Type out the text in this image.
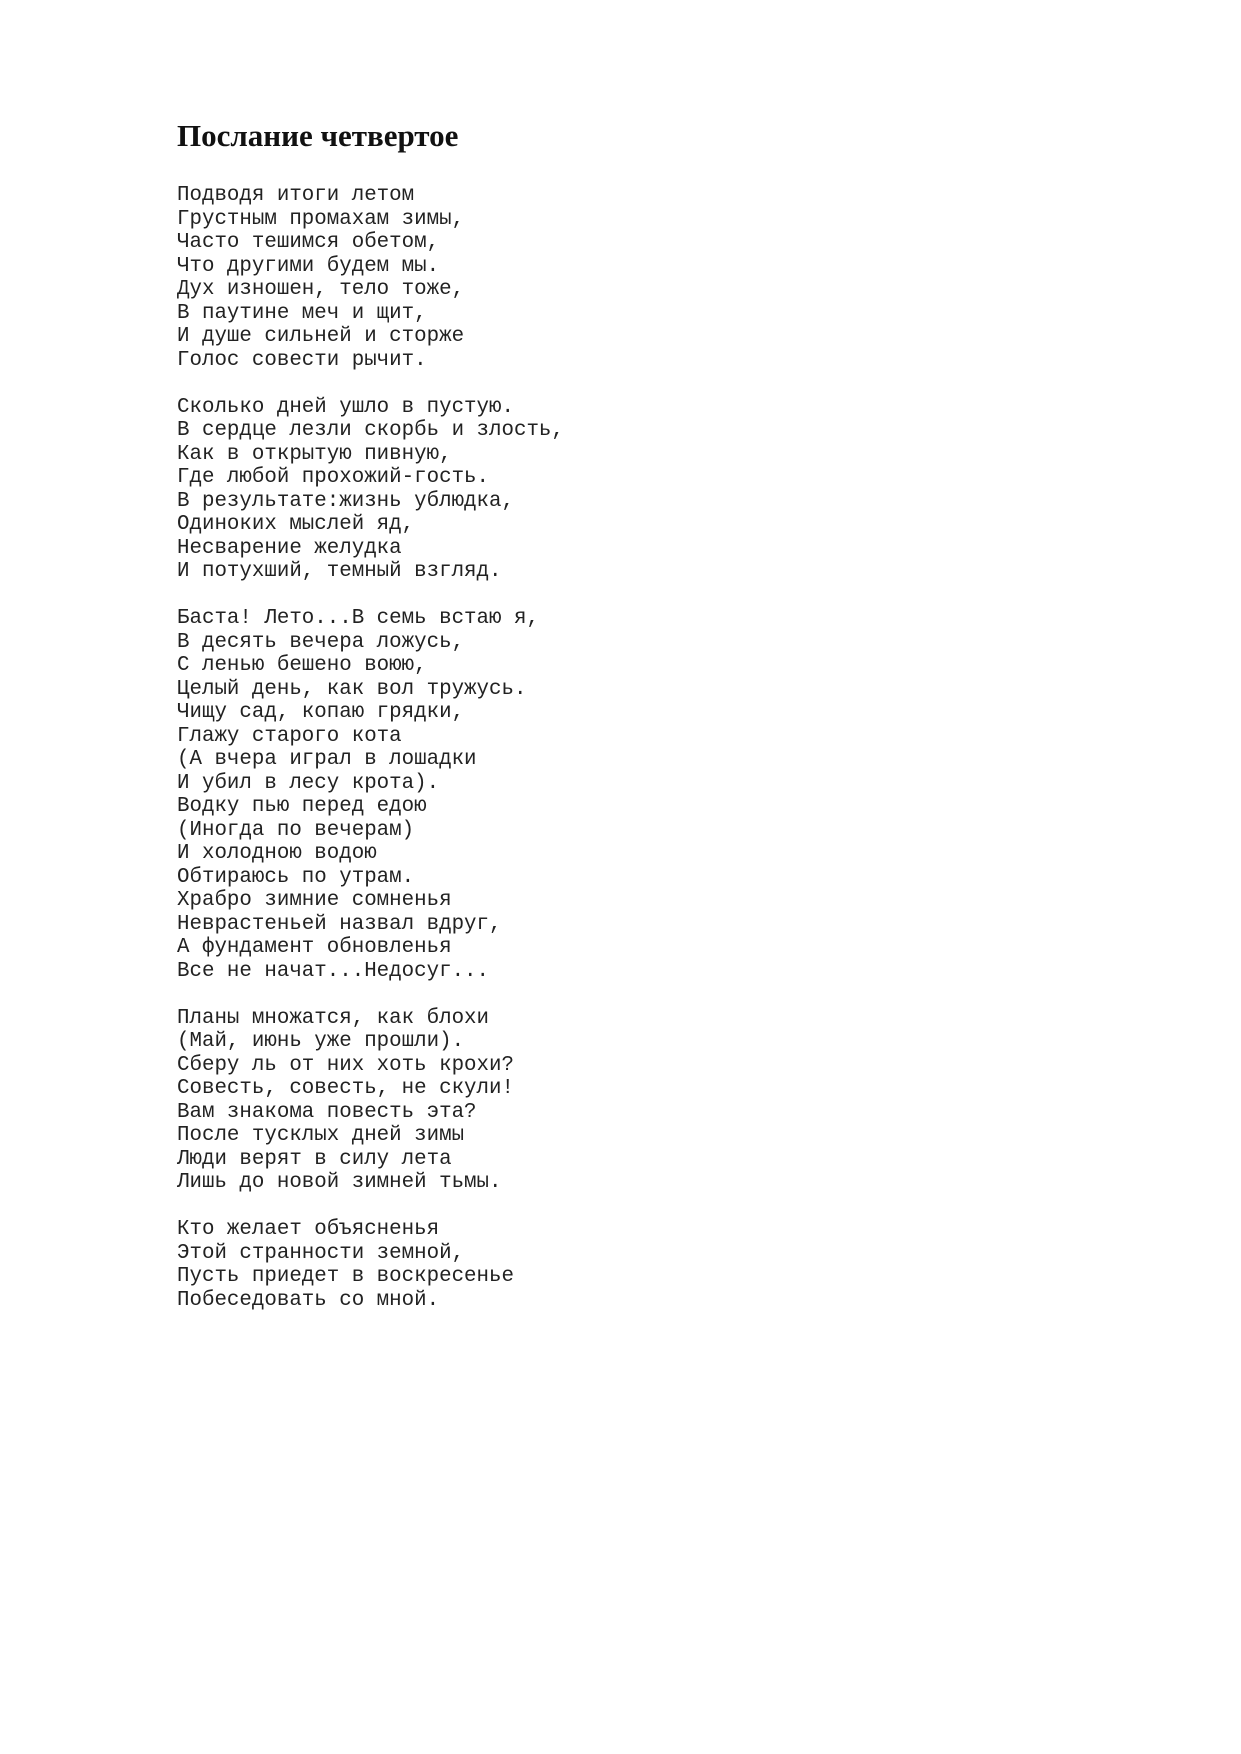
Послание четвертое
Подводя итоги летом
Грустным промахам зимы,
Часто тешимся обетом,
Что другими будем мы.
Дух изношен, тело тоже,
В паутине меч и щит,
И душе сильней и сторже
Голос совести рычит.
Сколько дней ушло в пустую.
В сердце лезли скорбь и злость,
Как в открытую пивную,
Где любой прохожий-гость.
В результате:жизнь ублюдка,
Одиноких мыслей яд,
Несварение желудка
И потухший, темный взгляд.
Баста! Лето...В семь встаю я,
В десять вечера ложусь,
С ленью бешено воюю,
Целый день, как вол тружусь.
Чищу сад, копаю грядки,
Глажу старого кота
(А вчера играл в лошадки
И убил в лесу крота).
Водку пью перед едою
(Иногда по вечерам)
И холодною водою
Обтираюсь по утрам.
Храбро зимние сомненья
Неврастеньей назвал вдруг,
А фундамент обновленья
Все не начат...Недосуг...
Планы множатся, как блохи
(Май, июнь уже прошли).
Сберу ль от них хоть крохи?
Совесть, совесть, не скули!
Вам знакома повесть эта?
После тусклых дней зимы
Люди верят в силу лета
Лишь до новой зимней тьмы.
Кто желает объясненья
Этой странности земной,
Пусть приедет в воскресенье
Побеседовать со мной.
